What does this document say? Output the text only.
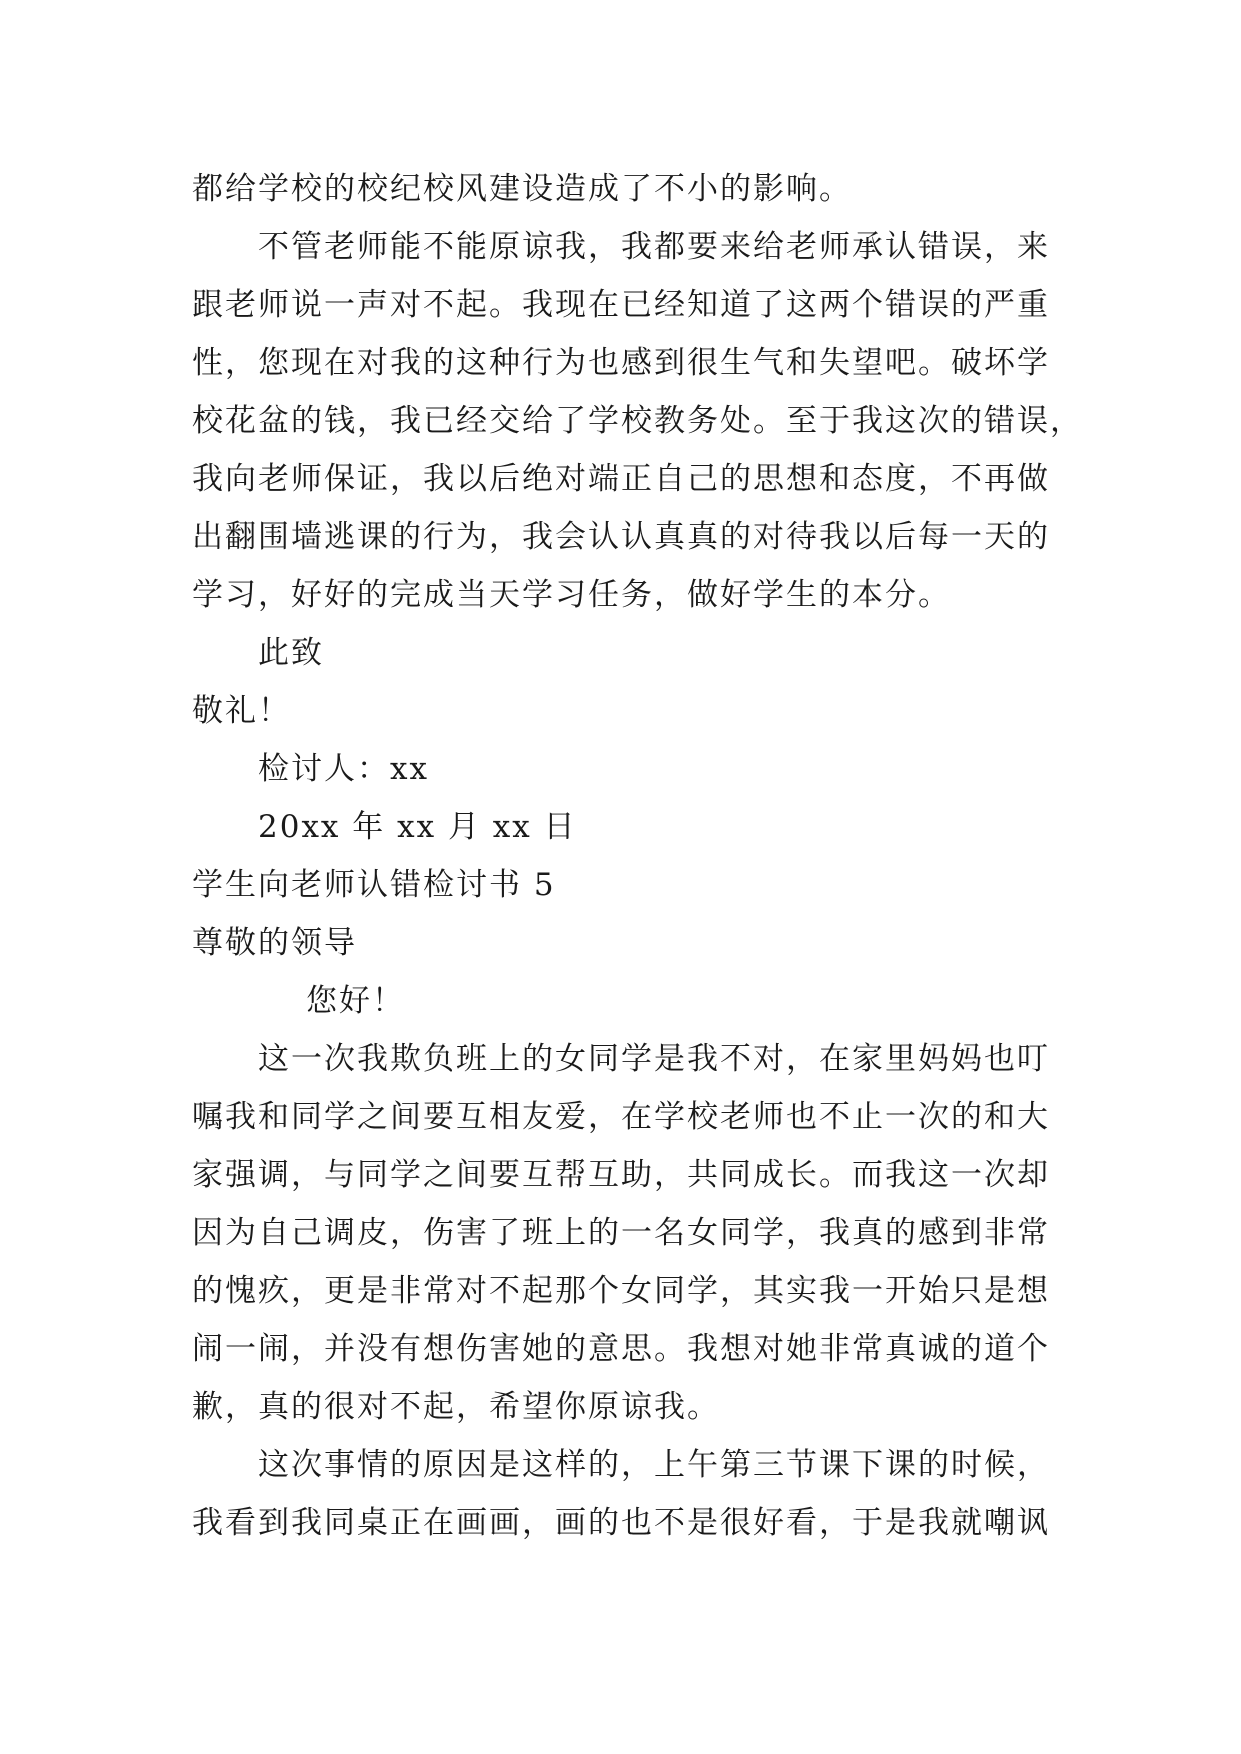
都给学校的校纪校风建设造成了不小的影响。
不管老师能不能原谅我，我都要来给老师承认错误，来
跟老师说一声对不起。我现在已经知道了这两个错误的严重
性，您现在对我的这种行为也感到很生气和失望吧。破坏学
校花盆的钱，我已经交给了学校教务处。至于我这次的错误，
我向老师保证，我以后绝对端正自己的思想和态度，不再做
出翻围墙逃课的行为，我会认认真真的对待我以后每一天的
学习，好好的完成当天学习任务，做好学生的本分。
此致
敬礼！
检讨人：xx
20xx 年 xx 月 xx 日
学生向老师认错检讨书 5
尊敬的领导
您好！
这一次我欺负班上的女同学是我不对，在家里妈妈也叮
嘱我和同学之间要互相友爱，在学校老师也不止一次的和大
家强调，与同学之间要互帮互助，共同成长。而我这一次却
因为自己调皮，伤害了班上的一名女同学，我真的感到非常
的愧疚，更是非常对不起那个女同学，其实我一开始只是想
闹一闹，并没有想伤害她的意思。我想对她非常真诚的道个
歉，真的很对不起，希望你原谅我。
这次事情的原因是这样的，上午第三节课下课的时候，
我看到我同桌正在画画，画的也不是很好看，于是我就嘲讽
